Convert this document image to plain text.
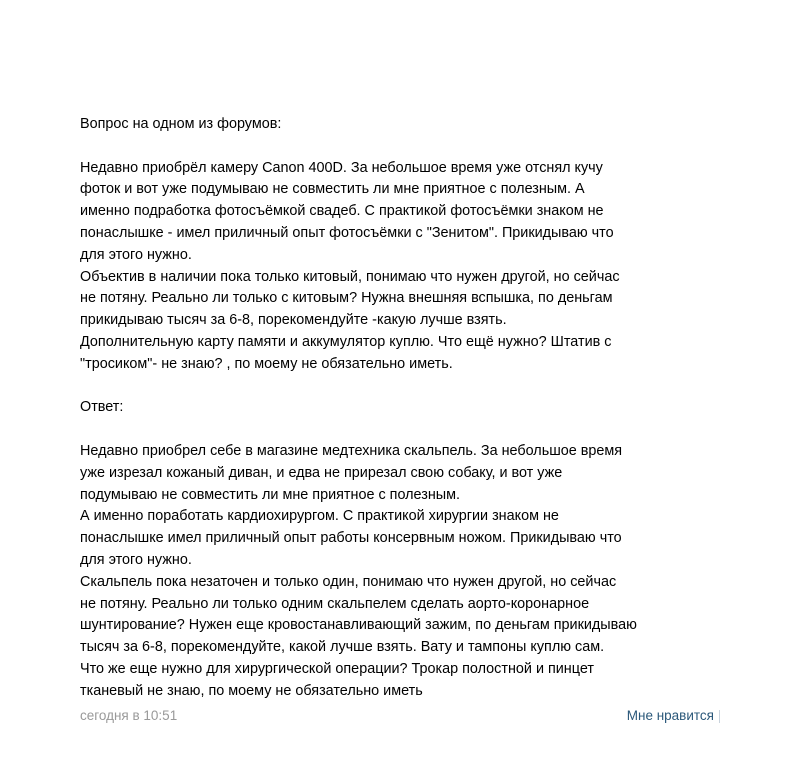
Вопрос на одном из форумов:
Недавно приобрёл камеру Canon 400D. За небольшое время уже отснял кучу
фоток и вот уже подумываю не совместить ли мне приятное с полезным. А
именно подработка фотосъёмкой свадеб. С практикой фотосъёмки знаком не
понаслышке - имел приличный опыт фотосъёмки с "Зенитом". Прикидываю что
для этого нужно.
Объектив в наличии пока только китовый, понимаю что нужен другой, но сейчас
не потяну. Реально ли только с китовым? Нужна внешняя вспышка, по деньгам
прикидываю тысяч за 6-8, порекомендуйте -какую лучше взять.
Дополнительную карту памяти и аккумулятор куплю. Что ещё нужно? Штатив с
"тросиком"- не знаю? , по моему не обязательно иметь.
Ответ:
Недавно приобрел себе в магазине медтехника скальпель. За небольшое время
уже изрезал кожаный диван, и едва не прирезал свою собаку, и вот уже
подумываю не совместить ли мне приятное с полезным.
А именно поработать кардиохирургом. С практикой хирургии знаком не
понаслышке имел приличный опыт работы консервным ножом. Прикидываю что
для этого нужно.
Скальпель пока незаточен и только один, понимаю что нужен другой, но сейчас
не потяну. Реально ли только одним скальпелем сделать аорто-коронарное
шунтирование? Нужен еще кровостанавливающий зажим, по деньгам прикидываю
тысяч за 6-8, порекомендуйте, какой лучше взять. Вату и тампоны куплю сам.
Что же еще нужно для хирургической операции? Трокар полостной и пинцет
тканевый не знаю, по моему не обязательно иметь
сегодня в 10:51	Мне нравится
